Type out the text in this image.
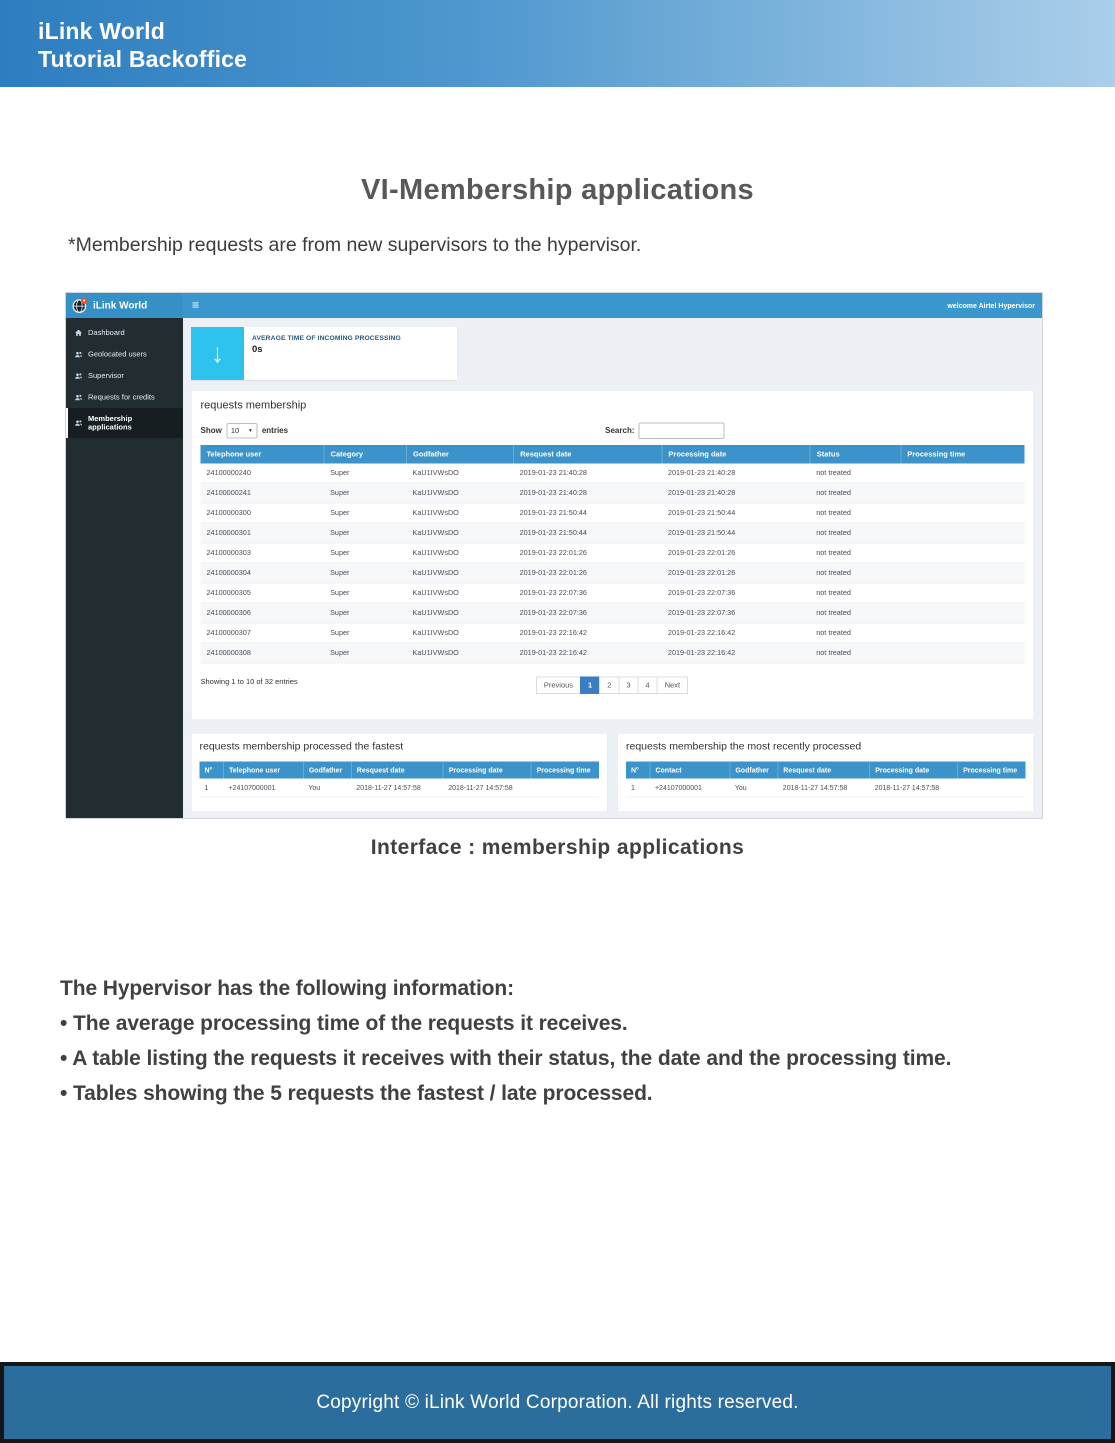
iLink World
Tutorial Backoffice
VI-Membership applications
*Membership requests are from new supervisors to the hypervisor.
iLink World	≡	welcome Airtel Hypervisor
Dashboard
Geolocated users
Supervisor
Requests for credits
Membership applications
↓
AVERAGE TIME OF INCOMING PROCESSING
0s
requests membership
Show 10 ▼ entries	Search:
Telephone user	Category	Godfather	Resquest date	Processing date	Status	Processing time
24100000240	Super	KaU1IVWsDO	2019-01-23 21:40:28	2019-01-23 21:40:28	not treated	
24100000241	Super	KaU1IVWsDO	2019-01-23 21:40:28	2019-01-23 21:40:28	not treated	
24100000300	Super	KaU1IVWsDO	2019-01-23 21:50:44	2019-01-23 21:50:44	not treated	
24100000301	Super	KaU1IVWsDO	2019-01-23 21:50:44	2019-01-23 21:50:44	not treated	
24100000303	Super	KaU1IVWsDO	2019-01-23 22:01:26	2019-01-23 22:01:26	not treated	
24100000304	Super	KaU1IVWsDO	2019-01-23 22:01:26	2019-01-23 22:01:26	not treated	
24100000305	Super	KaU1IVWsDO	2019-01-23 22:07:36	2019-01-23 22:07:36	not treated	
24100000306	Super	KaU1IVWsDO	2019-01-23 22:07:36	2019-01-23 22:07:36	not treated	
24100000307	Super	KaU1IVWsDO	2019-01-23 22:16:42	2019-01-23 22:16:42	not treated	
24100000308	Super	KaU1IVWsDO	2019-01-23 22:16:42	2019-01-23 22:16:42	not treated	
Showing 1 to 10 of 32 entries	Previous	1	2	3	4	Next
requests membership processed the fastest
N°	Telephone user	Godfather	Resquest date	Processing date	Processing time
1	+24107000001	You	2018-11-27 14:57:58	2018-11-27 14:57:58	
requests membership the most recently processed
N°	Contact	Godfather	Resquest date	Processing date	Processing time
1	+24107000001	You	2018-11-27 14:57:58	2018-11-27 14:57:58	
Interface : membership applications
The Hypervisor has the following information:
• The average processing time of the requests it receives.
• A table listing the requests it receives with their status, the date and the processing time.
• Tables showing the 5 requests the fastest / late processed.
Copyright © iLink World Corporation. All rights reserved.
